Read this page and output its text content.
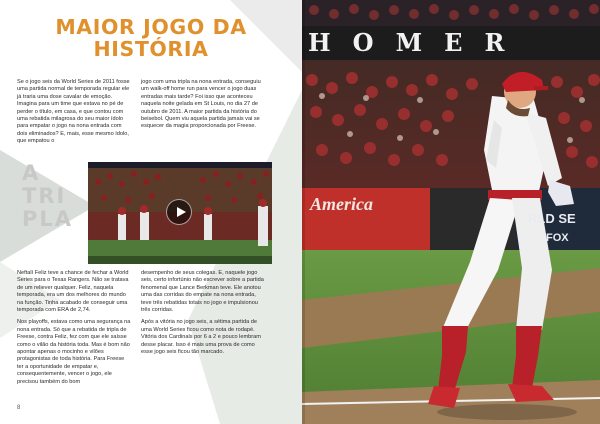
MAIOR JOGO DA
HISTÓRIA

Se o jogo seis da World Series de 2011 fosse uma partida normal de temporada regular ele já traria uma dose cavalar de emoção. Imagina para um time que estava no pé de perder o título, em casa, e que contou com uma rebatida milagrosa do seu maior ídolo para empatar o jogo na nona entrada com dois eliminados? E, mais, esse mesmo ídolo, que empatou o

jogo com uma tripla na nona entrada, conseguiu um walk-off home run para vencer o jogo duas entradas mais tarde? Foi isso que aconteceu naquela noite gelada em St Louis, no dia 27 de outubro de 2011. A maior partida da história do beisebol. Quem viu aquela partida jamais vai se esquecer da magia proporcionada por Freese.

A
TRI
PLA

Neftalí Feliz teve a chance de fechar a World Series para o Texas Rangers. Não se tratava de um reliever qualquer. Feliz, naquela temporada, era um dos melhores do mundo na função. Tinha acabado de conseguir uma temporada com ERA de 2,74.

Nos playoffs, estava como uma segurança na nona entrada. Só que a rebatida de tripla de Freese, contra Feliz, fez com que ele saísse como o vilão da história toda. Mas é bom não apontar apenas o mocinho e vilões protagonistas de toda história. Para Freese ter a oportunidade de empatar e, consequentemente, vencer o jogo, ele precisou também do bom

desempenho de seus colegas. E, naquele jogo seis, certo infortúnio não escrever sobre a partida fenomenal que Lance Berkman teve. Ele anotou uma das corridas do empate na nona entrada, teve três rebatidas totais no jogo e impulsionou três corridas.

Após a vitória no jogo seis, a sétima partida de uma World Series ficou como nota de rodapé. Vitória dos Cardinals por 6 a 2 e pouco lembram desse placar. Isso é mais uma prova de como esse jogo seis ficou tão marcado.

8
HOMER
America
RLD SE
FOX
